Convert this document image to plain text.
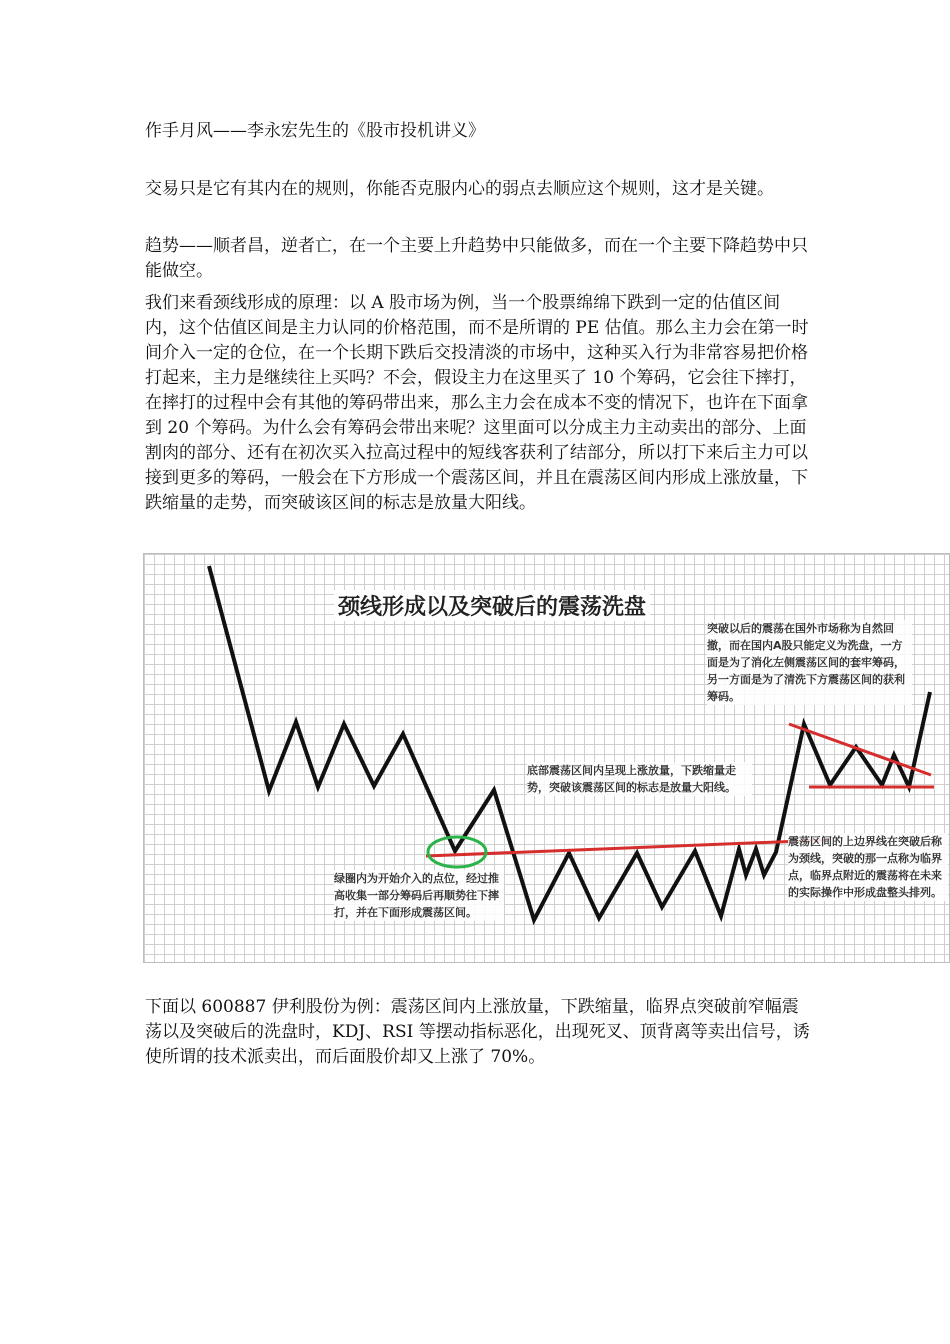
作手月风——李永宏先生的《股市投机讲义》

交易只是它有其内在的规则，你能否克服内心的弱点去顺应这个规则，这才是关键。

趋势——顺者昌，逆者亡，在一个主要上升趋势中只能做多，而在一个主要下降趋势中只能做空。

我们来看颈线形成的原理：以 A 股市场为例，当一个股票绵绵下跌到一定的估值区间内，这个估值区间是主力认同的价格范围，而不是所谓的 PE 估值。那么主力会在第一时间介入一定的仓位，在一个长期下跌后交投清淡的市场中，这种买入行为非常容易把价格打起来，主力是继续往上买吗？不会，假设主力在这里买了 10 个筹码，它会往下摔打，在摔打的过程中会有其他的筹码带出来，那么主力会在成本不变的情况下，也许在下面拿到 20 个筹码。为什么会有筹码会带出来呢？这里面可以分成主力主动卖出的部分、上面割肉的部分、还有在初次买入拉高过程中的短线客获利了结部分，所以打下来后主力可以接到更多的筹码，一般会在下方形成一个震荡区间，并且在震荡区间内形成上涨放量，下跌缩量的走势，而突破该区间的标志是放量大阳线。

颈线形成以及突破后的震荡洗盘

绿圈内为开始介入的点位，经过推高收集一部分筹码后再顺势往下摔打，并在下面形成震荡区间。

底部震荡区间内呈现上涨放量，下跌缩量走势，突破该震荡区间的标志是放量大阳线。

突破以后的震荡在国外市场称为自然回撤，而在国内A股只能定义为洗盘，一方面是为了消化左侧震荡区间的套牢筹码，另一方面是为了清洗下方震荡区间的获利筹码。

震荡区间的上边界线在突破后称为颈线，突破的那一点称为临界点，临界点附近的震荡将在未来的实际操作中形成盘整头排列。

下面以 600887 伊利股份为例：震荡区间内上涨放量，下跌缩量，临界点突破前窄幅震荡以及突破后的洗盘时，KDJ、RSI 等摆动指标恶化，出现死叉、顶背离等卖出信号，诱使所谓的技术派卖出，而后面股价却又上涨了 70%。
